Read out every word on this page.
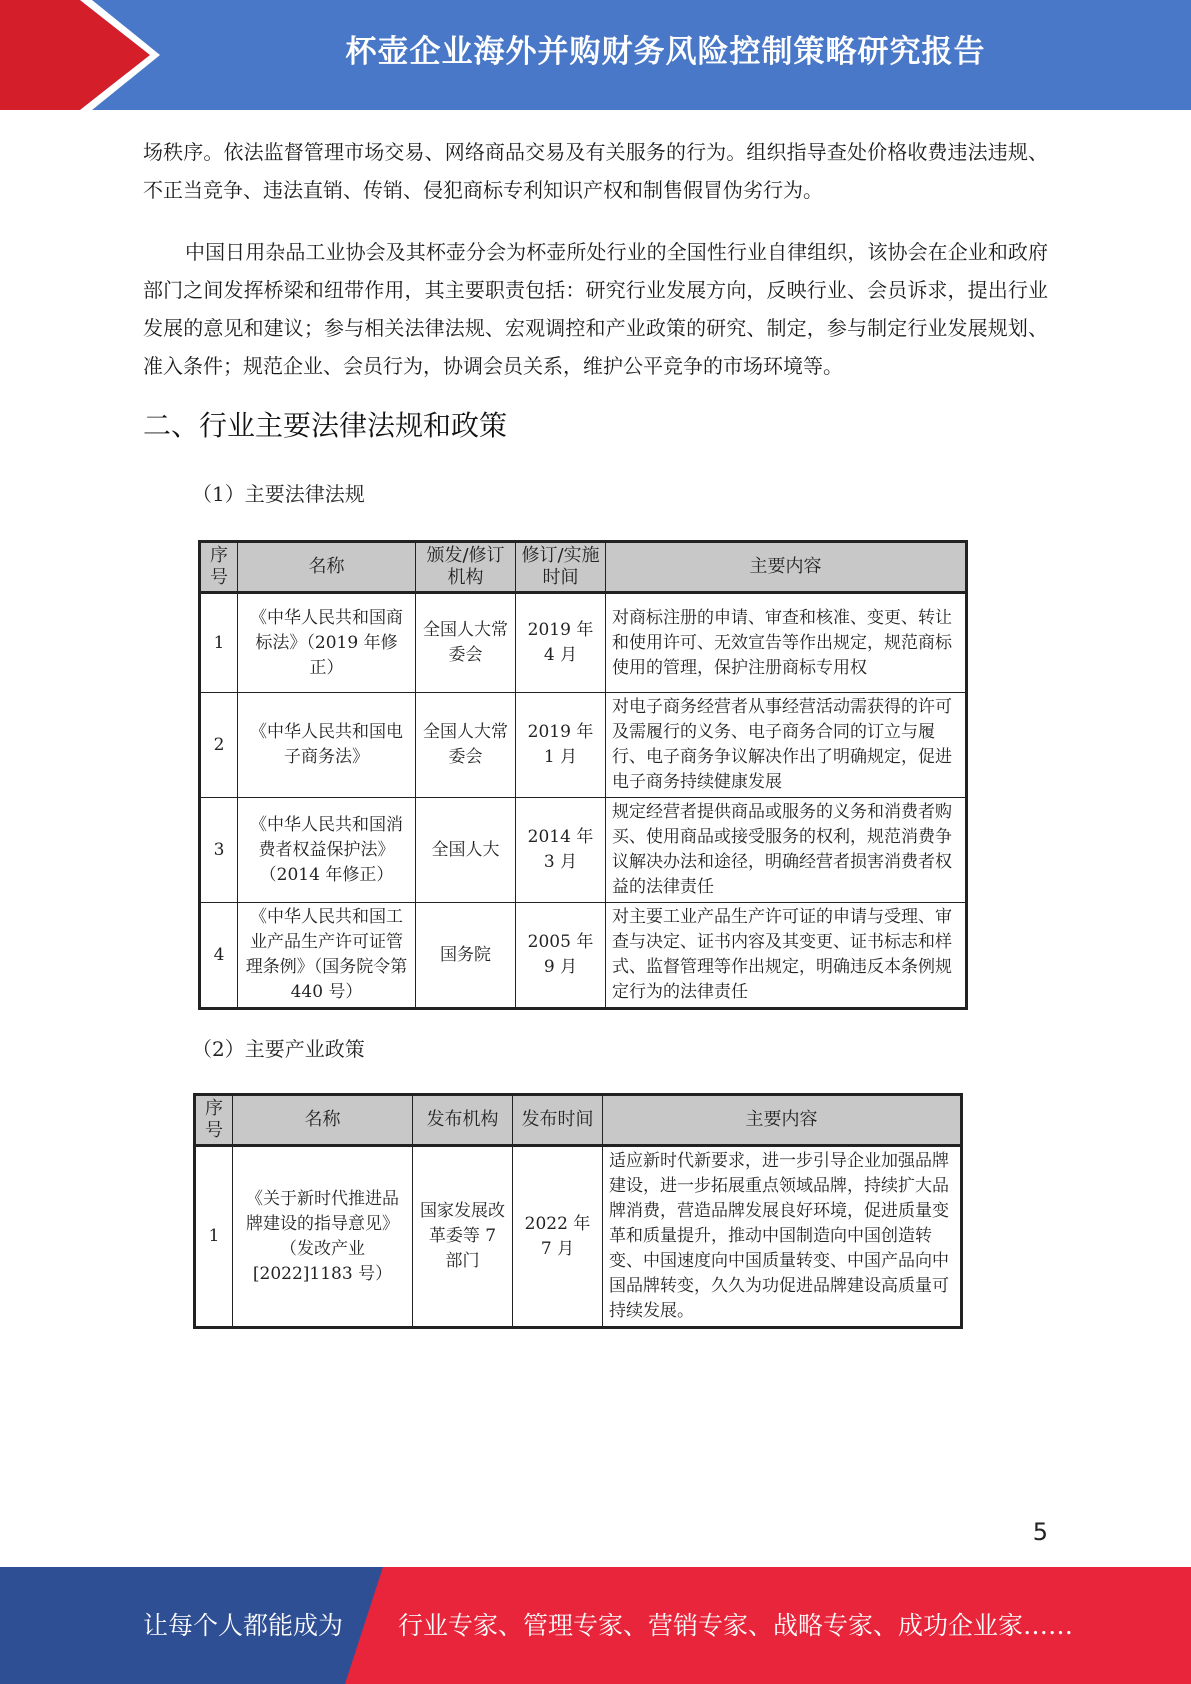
杯壶企业海外并购财务风险控制策略研究报告

场秩序。依法监督管理市场交易、网络商品交易及有关服务的行为。组织指导查处价格收费违法违规、不正当竞争、违法直销、传销、侵犯商标专利知识产权和制售假冒伪劣行为。

中国日用杂品工业协会及其杯壶分会为杯壶所处行业的全国性行业自律组织，该协会在企业和政府部门之间发挥桥梁和纽带作用，其主要职责包括：研究行业发展方向，反映行业、会员诉求，提出行业发展的意见和建议；参与相关法律法规、宏观调控和产业政策的研究、制定，参与制定行业发展规划、准入条件；规范企业、会员行为，协调会员关系，维护公平竞争的市场环境等。

二、行业主要法律法规和政策

（1）主要法律法规

序号	名称	颁发/修订机构	修订/实施时间	主要内容
1	《中华人民共和国商标法》（2019 年修正）	全国人大常委会	2019 年 4 月	对商标注册的申请、审查和核准、变更、转让和使用许可、无效宣告等作出规定，规范商标使用的管理，保护注册商标专用权
2	《中华人民共和国电子商务法》	全国人大常委会	2019 年 1 月	对电子商务经营者从事经营活动需获得的许可及需履行的义务、电子商务合同的订立与履行、电子商务争议解决作出了明确规定，促进电子商务持续健康发展
3	《中华人民共和国消费者权益保护法》（2014 年修正）	全国人大	2014 年 3 月	规定经营者提供商品或服务的义务和消费者购买、使用商品或接受服务的权利，规范消费争议解决办法和途径，明确经营者损害消费者权益的法律责任
4	《中华人民共和国工业产品生产许可证管理条例》（国务院令第 440 号）	国务院	2005 年 9 月	对主要工业产品生产许可证的申请与受理、审查与决定、证书内容及其变更、证书标志和样式、监督管理等作出规定，明确违反本条例规定行为的法律责任

（2）主要产业政策

序号	名称	发布机构	发布时间	主要内容
1	《关于新时代推进品牌建设的指导意见》（发改产业[2022]1183 号）	国家发展改革委等 7 部门	2022 年 7 月	适应新时代新要求，进一步引导企业加强品牌建设，进一步拓展重点领域品牌，持续扩大品牌消费，营造品牌发展良好环境，促进质量变革和质量提升，推动中国制造向中国创造转变、中国速度向中国质量转变、中国产品向中国品牌转变，久久为功促进品牌建设高质量可持续发展。
5
让每个人都能成为 行业专家、管理专家、营销专家、战略专家、成功企业家……
